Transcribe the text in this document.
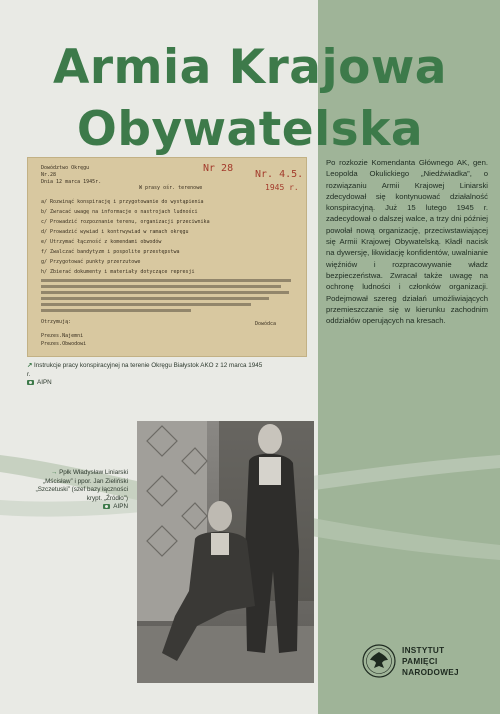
Armia Krajowa
Obywatelska
Dowództwo Okręgu
Nr.28
Dnia 12 marca 1945r.
W prasy ośr. terenowe
Nr 28
Nr. 4.5.
1945 r.
a/ Rozwinąć konspirację i przygotowanie do wystąpienia
b/ Zwracać uwagę na informacje o nastrojach ludności
c/ Prowadzić rozpoznanie terenu, organizacji przeciwnika
d/ Prowadzić wywiad i kontrwywiad w ramach okręgu
e/ Utrzymać łączność z komendami obwodów
f/ Zwalczać bandytyzm i pospolite przestępstwa
g/ Przygotować punkty przerzutowe
h/ Zbierać dokumenty i materiały dotyczące represji
Otrzymują:
Prezes.Najemni
Prezes.Obwodowi
Dowódca

Po rozkozie Komendanta Głównego AK, gen. Leopolda Okulickiego „Niedźwiadka”, o rozwiązaniu Armii Krajowej Liniarski zdecydował się kontynuować działalność konspiracyjną. Już 15 lutego 1945 r. zadecydował o dalszej walce, a trzy dni później powołał nową organizację, przeciwstawiającej się Armii Krajowej Obywatelską. Kładł nacisk na dywersję, likwidację konfidentów, uwalnianie więźniów i rozpracowywanie władz bezpieczeństwa. Zwracał także uwagę na ochronę ludności i członków organizacji. Podejmował szereg działań umożliwiających przemieszczanie się w kierunku zachodnim oddziałów operujących na kresach.

↗ Instrukcje pracy konspiracyjnej na terenie Okręgu Białystok AKO z 12 marca 1945 r.
AIPN
→ Ppłk Władysław Liniarski „Mścisław” i ppor. Jan Zieliński „Szczetuski” (szef bazy łączności krypt. „Źródło”)
AIPN
INSTYTUT
PAMIĘCI
NARODOWEJ
